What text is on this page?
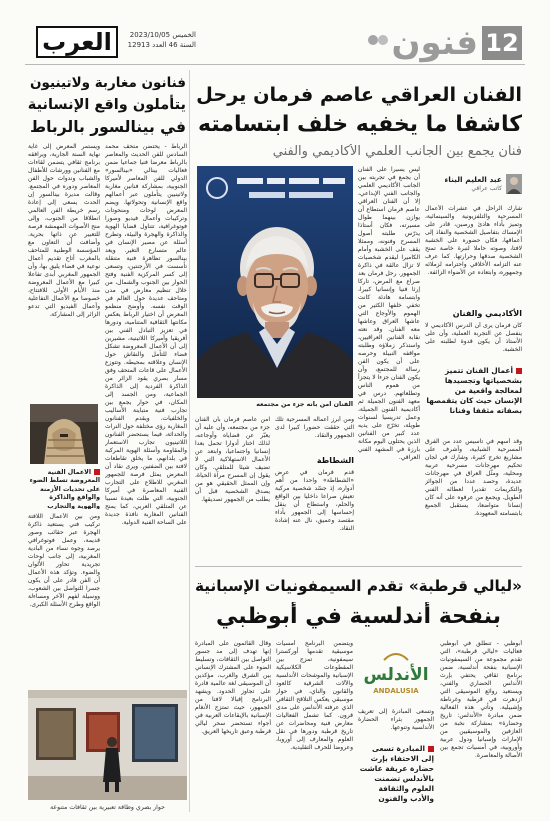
العرب	الخميس 2023/10/05
السنة 46 العدد 12913	فنون 12
فنانون مغاربة ولاتينيون
يتأملون واقع الإنسانية
في بينالسور بالرباط
الرباط - يحتضن متحف محمد السادس للفن الحديث والمعاصر بالرباط معرضا فنيا جماعيا ضمن فعاليات بينالي «بينالسور» الدولي للفن المعاصر لأميركا الجنوبية، بمشاركة فنانين مغاربة ولاتينيين يتأملون عبر أعمالهم واقع الإنسانية وتحولاتها. ويضم المعرض لوحات ومنحوتات وتركيبات وأعمال فيديو وصورا فوتوغرافية، تتناول قضايا الهوية والذاكرة والهجرة والبيئة، وتطرح أسئلة عن مصير الإنسان في عالم متسارع التغير. ويعد بينالسور تظاهرة فنية متنقلة تأسست في الأرجنتين، وتسعى إلى كسر المركزية الفنية وفتح الحوار بين الجنوب والشمال، من خلال تنظيم معارض في مدن ومتاحف عديدة حول العالم في الوقت نفسه. وأوضح منظمو المعرض أن اختيار الرباط يعكس مكانتها الثقافية المتنامية، ودورها في تعزيز التبادل الفني بين أفريقيا وأميركا اللاتينية، مشيرين إلى أن الأعمال المعروضة تشكل فضاء للتأمل والنقاش حول الإنسان وعلاقته بمحيطه. وتتوزع الأعمال على قاعات المتحف وفق مسار بصري يقود الزائر من الذاكرة الفردية إلى الذاكرة الجماعية، ومن الجسد إلى المكان، في حوار يجمع بين تجارب فنية متباينة الأساليب والخلفيات. ويقدم الفنانون المغاربة رؤى مختلفة حول التراث والحداثة، فيما يستحضر الفنانون اللاتينيون تجارب الاستعمار والمقاومة وأسئلة الهوية المركبة في بلدانهم، ما يخلق تقاطعات لافتة بين الضفتين. ويرى نقاد أن المعرض يمثل فرصة للجمهور المغربي للاطلاع على التجارب الفنية المعاصرة في أميركا الجنوبية، التي ظلت بعيدة نسبيا عن المتلقي العربي، كما يمنح الفنانين المغاربة نافذة جديدة على الساحة الفنية الدولية.
ويستمر المعرض إلى غاية نهاية السنة الجارية، ويرافقه برنامج ثقافي يتضمن لقاءات مع الفنانين وورشات للأطفال والشباب وندوات حول الفن المعاصر ودوره في المجتمع. وقالت مديرة بينالسور إن الحدث يسعى إلى إعادة رسم خريطة الفن العالمي انطلاقا من الجنوب، وإلى منح الأصوات المهمشة فرصة للتعبير عن ذاتها بحرية. وأضافت أن التعاون مع المؤسسة الوطنية للمتاحف بالمغرب أتاح تقديم أعمال نوعية في فضاء يليق بها، وأن الجمهور المغربي أبدى تفاعلا كبيرا مع الأعمال المعروضة منذ الأيام الأولى للافتتاح، خصوصا مع الأعمال التفاعلية وأعمال الفيديو التي تدعو الزائر إلى المشاركة.
الأعمال الفنية المعروضة تسلط الضوء على تحديات الأزمنة والواقع والذاكرة والهوية والتجارب
ومن بين الأعمال اللافتة تركيب فني يستعيد ذاكرة الهجرة عبر حقائب وصور قديمة، وعمل فوتوغرافي يرصد وجوه نساء من البادية المغربية، إلى جانب لوحات تجريدية تحاور الألوان والضوء. وتؤكد هذه الأعمال أن الفن قادر على أن يكون جسرا للتواصل بين الشعوب، ووسيلة لفهم الآخر ومساءلة الواقع وطرح الأسئلة الكبرى.
حوار بصري وطاقة تعبيرية بين ثقافات متنوعة
الفنان العراقي عاصم فرمان يرحل
كاشفا ما يخفيه خلف ابتسامته
فنان يجمع بين الجانب العلمي الأكاديمي والفني
الفنان آمن بأنه جزء من مجتمعه
ليس يسيرا على الفنان أن يجمع في تجربته بين الجانب الأكاديمي العلمي والجانب الفني الإبداعي، إلا أن الفنان العراقي عاصم فرمان استطاع أن يوازن بينهما طوال مسيرته، فكان أستاذا يدرّس طلبته أصول المسرح وفنونه، وممثلا يقف على الخشبة وأمام الكاميرا ليقدم شخصيات لا تزال عالقة في ذاكرة الجمهور. رحل فرمان بعد صراع مع المرض، تاركا إرثا فنيا وإنسانيا كبيرا، وابتسامة هادئة كانت تخفي خلفها الكثير من الهموم والأوجاع التي عاشها العراق وعاشها معه الفنان. وقد نعته نقابة الفنانين العراقيين، واستذكر زملاؤه وطلبته مواقفه النبيلة وحرصه على أن يكون الفن رسالة للمجتمع، وأن يكون الفنان جزءا لا يتجزأ من هموم الناس وتطلعاتهم. درس في معهد الفنون الجميلة ثم أكاديمية الفنون الجميلة، وعمل تدريسيا لسنوات طويلة، تخرّج على يديه عدد كبير من الفنانين الذين يحتلون اليوم مكانة بارزة في المشهد الفني العراقي.
عبد العليم البناء
كاتب عراقي
شارك الراحل في عشرات الأعمال المسرحية والتلفزيونية والسينمائية، وتميز بأداء هادئ ورصين، قادر على الإمساك بتفاصيل الشخصية والنفاذ إلى أعماقها، فكان حضوره على الخشبة لافتا، وصوته حاملا لنبرة خاصة تمنح الشخصية صدقها وحرارتها. كما عرف عنه التزامه الأخلاقي واحترامه لزملائه وجمهوره، وابتعاده عن الأضواء الزائفة.
الأكاديمي والفنان
كان فرمان يرى أن الدرس الأكاديمي لا ينفصل عن التجربة العملية، وأن على الأستاذ أن يكون قدوة لطلبته على الخشبة.
أعمال الفنان تتميز بشخصياتها وتجسيدها لمعالجة واقعية من الإنسان حيث كان يتقمصها بصفاته مثقفا وفنانا
وقد أسهم في تأسيس عدد من الفرق المسرحية الشبابية، وأشرف على مشاريع تخرج كثيرة، وشارك في لجان تحكيم مهرجانات مسرحية عربية ومحلية، ومثّل العراق في مهرجانات عديدة، وحصد عددا من الجوائز والتكريمات تقديرا لعطائه الفني الطويل. ويجمع من عرفوه على أنه كان إنسانا متواضعا، يستقبل الجميع بابتسامته المعهودة.
ومن أبرز أعماله المسرحية تلك التي حققت حضورا كبيرا لدى الجمهور والنقاد.
الشطاطة
قدم فرمان في عرض «الشطاطة» واحدا من أهم أدواره، إذ جسّد شخصية مركبة تعيش صراعا داخليا بين الواقع والحلم، واستطاع أن ينقل إحساسها إلى الجمهور بأداء مقتصد وعميق، نال عنه إشادة النقاد.
آمن عاصم فرمان بأن الفنان جزء من مجتمعه، وأن عليه أن يعبّر عن قضاياه وأوجاعه، لذلك اختار أدوارا تحمل بعدا إنسانيا واجتماعيا، وابتعد عن الأعمال الاستهلاكية التي لا تضيف شيئا للمتلقي. وكان يقول إن المسرح مرآة الحياة، وإن الممثل الحقيقي هو من يصدق الشخصية قبل أن يطلب من الجمهور تصديقها.
«ليالي قرطبة» تقدم السيمفونيات الإسبانية
بنفحة أندلسية في أبوظبي
أبوظبي - تنطلق في أبوظبي فعاليات «ليالي قرطبة»، التي تقدم مجموعة من السيمفونيات الإسبانية بنفحة أندلسية، ضمن برنامج ثقافي يحتفي بإرث الأندلس الحضاري والفني، ويستعيد روائع الموسيقى التي ازدهرت في قرطبة وغرناطة وإشبيلية. وتأتي هذه الفعالية ضمن مبادرة «الأندلس: تاريخ وحضارة» بمشاركة نخبة من العازفين والموسيقيين من الإمارات وإسبانيا ودول عربية وأوروبية، في أمسيات تجمع بين الأصالة والمعاصرة.
الأندلس
ANDALUSIA
وتسعى المبادرة إلى تعريف الجمهور بثراء الحضارة الأندلسية وتنوعها.
المبادرة تسعى إلى الاحتفاء بإرث حضارة عريقة عاشت بالأندلس تضمنت العلوم والثقافة والأدب والفنون
ويتضمن البرنامج أمسيات موسيقية تقدمها أوركسترا سيمفونية، تمزج بين المقطوعات الكلاسيكية الإسبانية والموشحات الأندلسية والآلات الشرقية كالعود والقانون والناي، في حوار موسيقي يعكس التلاقح الثقافي الذي عرفته الأندلس على مدى قرون. كما تشمل الفعاليات معارض فنية ومحاضرات عن تاريخ قرطبة ودورها في نقل العلوم والمعارف إلى أوروبا، وعروضا للحرف التقليدية.
وقال القائمون على المبادرة إنها تهدف إلى مد جسور التواصل بين الثقافات، وتسليط الضوء على المشترك الإنساني بين الشرق والغرب، مؤكدين أن الموسيقى لغة عالمية قادرة على تجاوز الحدود. ويشهد البرنامج إقبالا لافتا من الجمهور، حيث تمتزج الأنغام الإسبانية بالإيقاعات العربية في أجواء تستحضر سحر ليالي قرطبة وعبق تاريخها العريق.
